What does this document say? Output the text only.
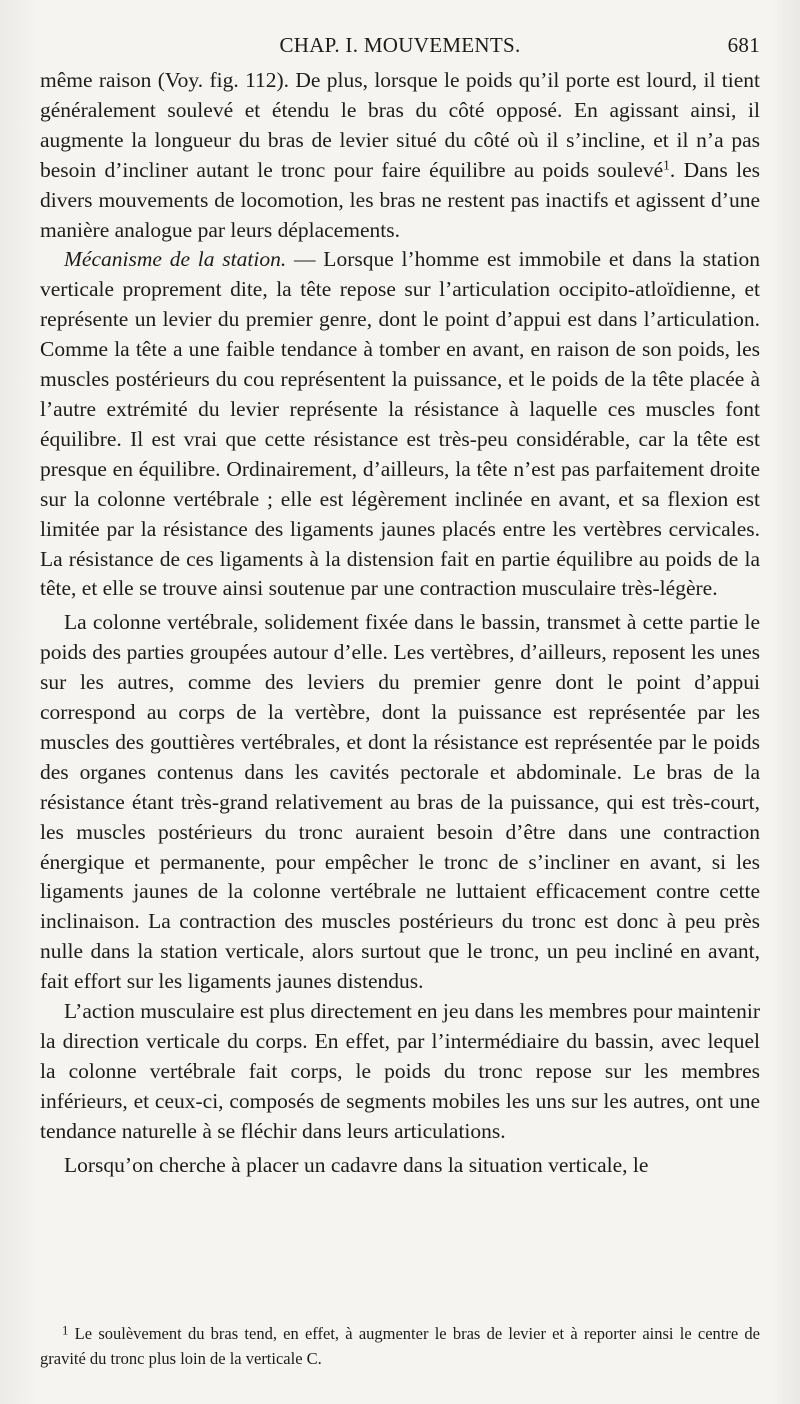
CHAP. I. MOUVEMENTS.	681

même raison (Voy. fig. 112). De plus, lorsque le poids qu’il porte est lourd, il tient généralement soulevé et étendu le bras du côté opposé. En agissant ainsi, il augmente la longueur du bras de levier situé du côté où il s’incline, et il n’a pas besoin d’incliner autant le tronc pour faire équilibre au poids soulevé$^1$. Dans les divers mouvements de locomotion, les bras ne restent pas inactifs et agissent d’une manière analogue par leurs déplacements.

Mécanisme de la station. — Lorsque l’homme est immobile et dans la station verticale proprement dite, la tête repose sur l’articulation occipito-atloïdienne, et représente un levier du premier genre, dont le point d’appui est dans l’articulation. Comme la tête a une faible tendance à tomber en avant, en raison de son poids, les muscles postérieurs du cou représentent la puissance, et le poids de la tête placée à l’autre extrémité du levier représente la résistance à laquelle ces muscles font équilibre. Il est vrai que cette résistance est très-peu considérable, car la tête est presque en équilibre. Ordinairement, d’ailleurs, la tête n’est pas parfaitement droite sur la colonne vertébrale ; elle est légèrement inclinée en avant, et sa flexion est limitée par la résistance des ligaments jaunes placés entre les vertèbres cervicales. La résistance de ces ligaments à la distension fait en partie équilibre au poids de la tête, et elle se trouve ainsi soutenue par une contraction musculaire très-légère.

La colonne vertébrale, solidement fixée dans le bassin, transmet à cette partie le poids des parties groupées autour d’elle. Les vertèbres, d’ailleurs, reposent les unes sur les autres, comme des leviers du premier genre dont le point d’appui correspond au corps de la vertèbre, dont la puissance est représentée par les muscles des gouttières vertébrales, et dont la résistance est représentée par le poids des organes contenus dans les cavités pectorale et abdominale. Le bras de la résistance étant très-grand relativement au bras de la puissance, qui est très-court, les muscles postérieurs du tronc auraient besoin d’être dans une contraction énergique et permanente, pour empêcher le tronc de s’incliner en avant, si les ligaments jaunes de la colonne vertébrale ne luttaient efficacement contre cette inclinaison. La contraction des muscles postérieurs du tronc est donc à peu près nulle dans la station verticale, alors surtout que le tronc, un peu incliné en avant, fait effort sur les ligaments jaunes distendus.

L’action musculaire est plus directement en jeu dans les membres pour maintenir la direction verticale du corps. En effet, par l’intermédiaire du bassin, avec lequel la colonne vertébrale fait corps, le poids du tronc repose sur les membres inférieurs, et ceux-ci, composés de segments mobiles les uns sur les autres, ont une tendance naturelle à se fléchir dans leurs articulations.

Lorsqu’on cherche à placer un cadavre dans la situation verticale, le

$^1$ Le soulèvement du bras tend, en effet, à augmenter le bras de levier et à reporter ainsi le centre de gravité du tronc plus loin de la verticale C.
